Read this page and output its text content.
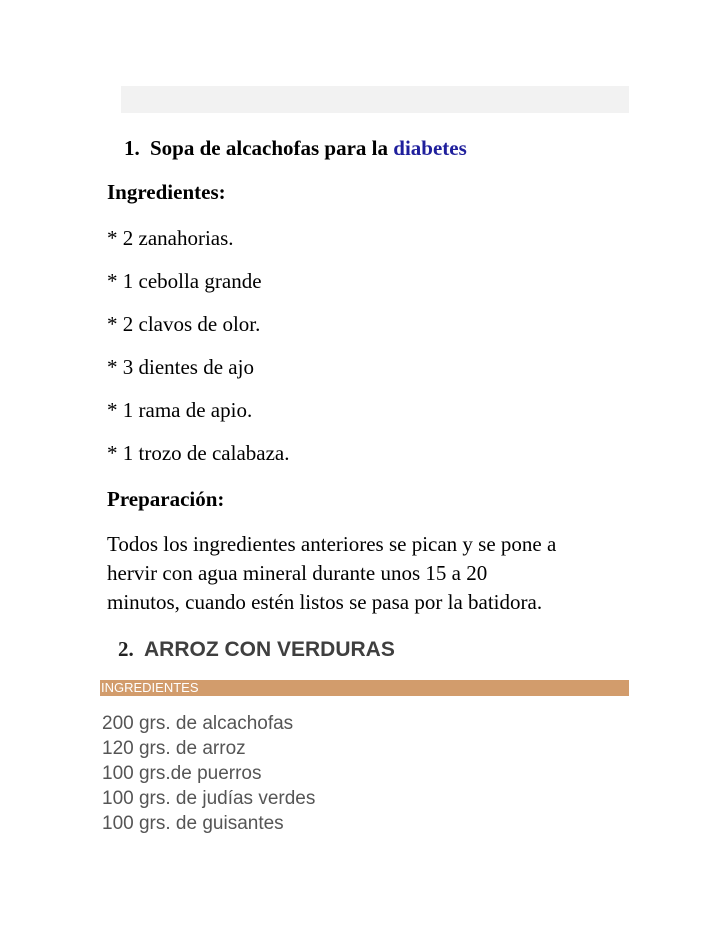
1. Sopa de alcachofas para la diabetes
Ingredientes:
* 2 zanahorias.
* 1 cebolla grande
* 2 clavos de olor.
* 3 dientes de ajo
* 1 rama de apio.
* 1 trozo de calabaza.
Preparación:
Todos los ingredientes anteriores se pican y se pone a
hervir con agua mineral durante unos 15 a 20
minutos, cuando estén listos se pasa por la batidora.
2. ARROZ CON VERDURAS
INGREDIENTES
200 grs. de alcachofas
120 grs. de arroz
100 grs.de puerros
100 grs. de judías verdes
100 grs. de guisantes
